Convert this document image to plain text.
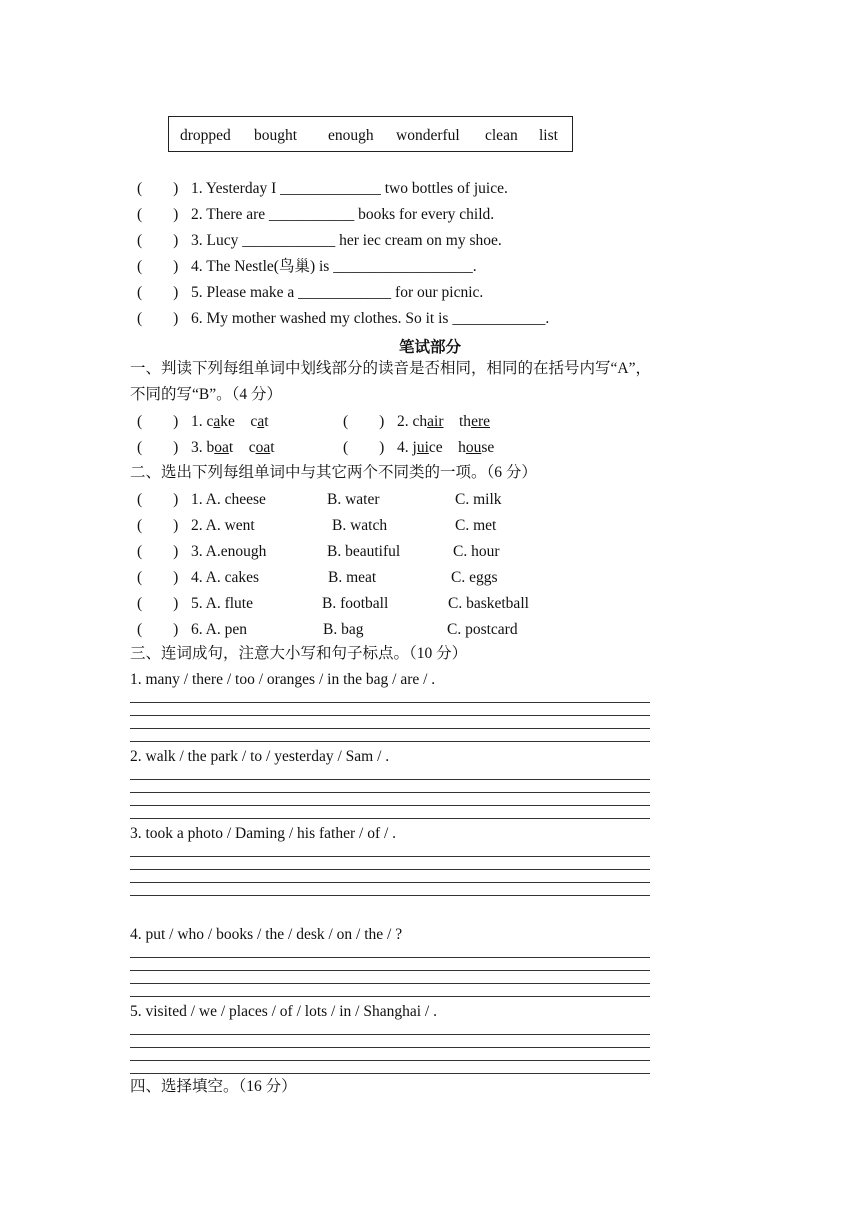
dropped bought enough wonderful clean list
(        ) 1. Yesterday I _____________ two bottles of juice.
(        ) 2. There are ___________ books for every child.
(        ) 3. Lucy ____________ her iec cream on my shoe.
(        ) 4. The Nestle(鸟巢) is __________________.
(        ) 5. Please make a ____________ for our picnic.
(        ) 6. My mother washed my clothes. So it is ____________.
笔试部分
一、判读下列每组单词中划线部分的读音是否相同，相同的在括号内写“A”，
不同的写“B”。（4 分）
(        ) 1. cake cat	(        ) 2. chair there
(        ) 3. boat coat	(        ) 4. juice house
二、选出下列每组单词中与其它两个不同类的一项。（6 分）
(        ) 1. A. cheese	B. water	C. milk
(        ) 2. A. went	B. watch	C. met
(        ) 3. A.enough	B. beautiful	C. hour
(        ) 4. A. cakes	B. meat	C. eggs
(        ) 5. A. flute	B. football	C. basketball
(        ) 6. A. pen	B. bag	C. postcard
三、连词成句，注意大小写和句子标点。（10 分）
1. many / there / too / oranges / in the bag / are / .
2. walk / the park / to / yesterday / Sam / .
3. took a photo / Daming / his father / of / .
4. put / who / books / the / desk / on / the / ?
5. visited / we / places / of / lots / in / Shanghai / .
四、选择填空。（16 分）
